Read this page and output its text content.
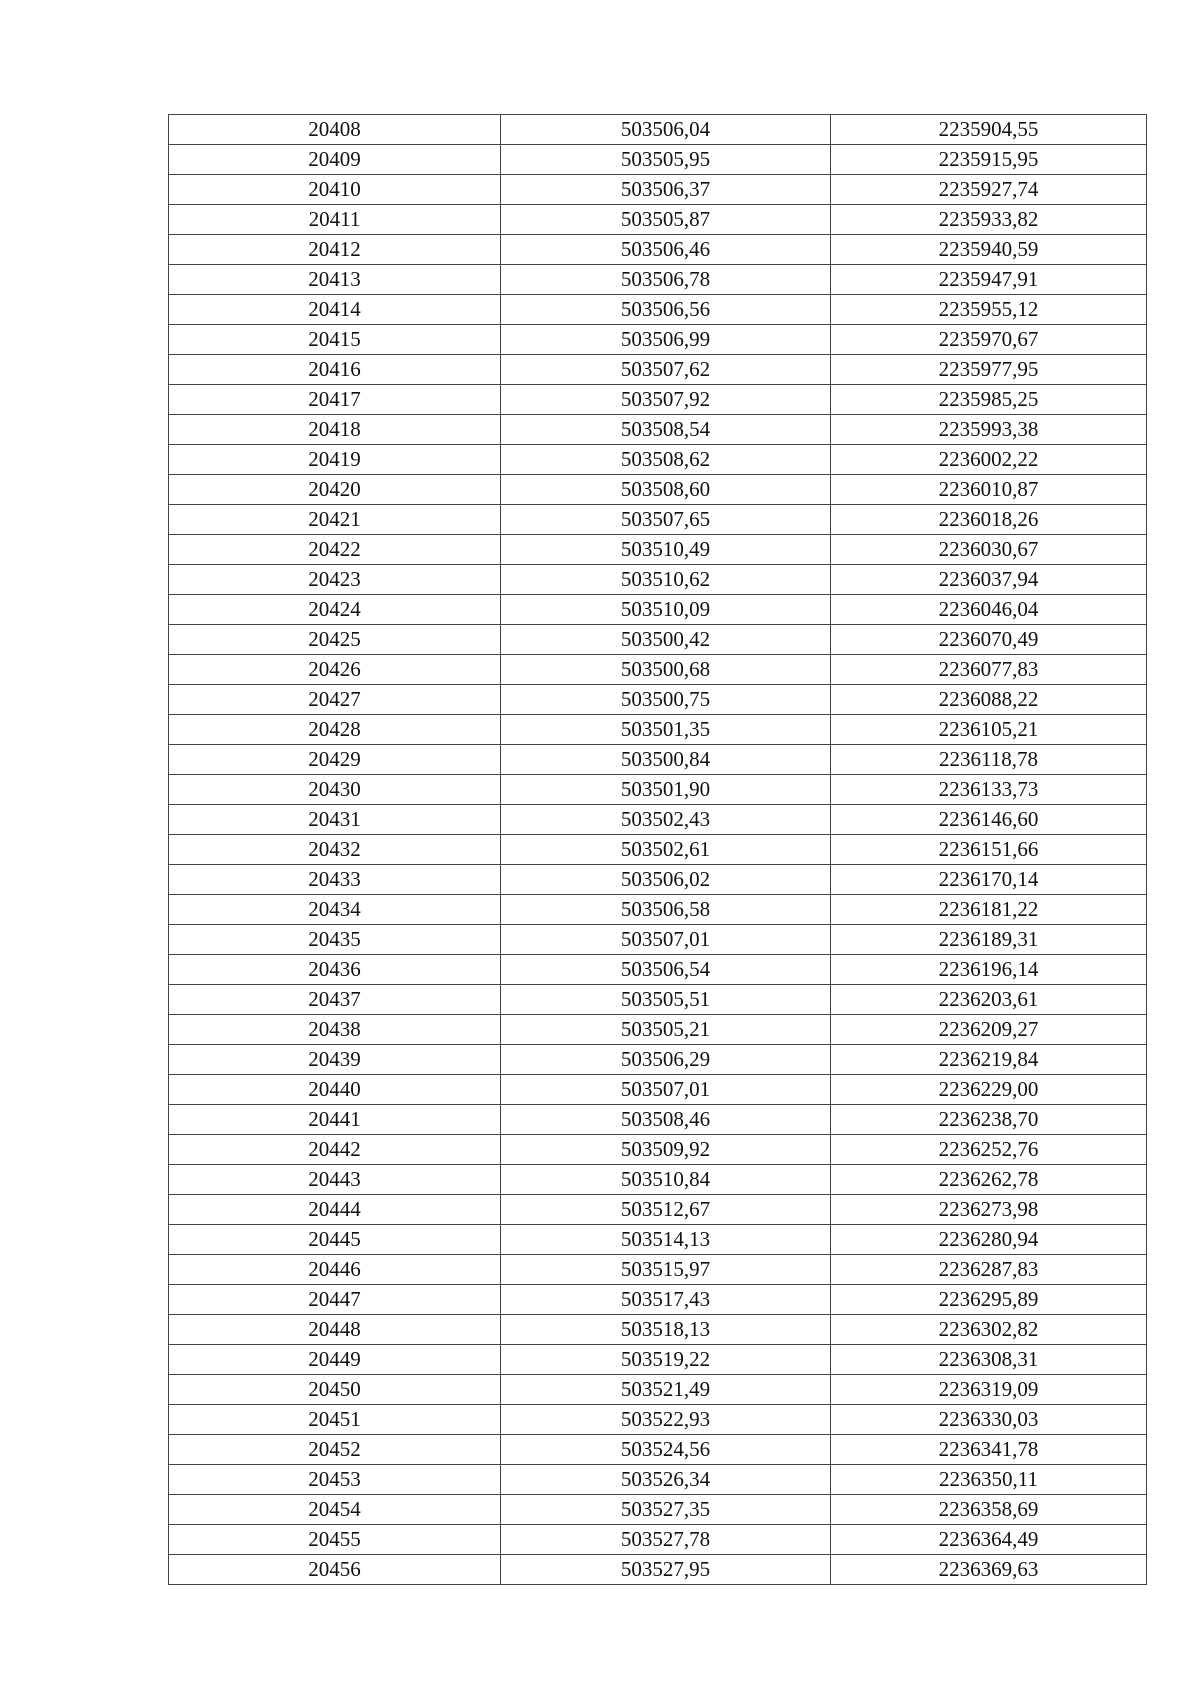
20408	503506,04	2235904,55
20409	503505,95	2235915,95
20410	503506,37	2235927,74
20411	503505,87	2235933,82
20412	503506,46	2235940,59
20413	503506,78	2235947,91
20414	503506,56	2235955,12
20415	503506,99	2235970,67
20416	503507,62	2235977,95
20417	503507,92	2235985,25
20418	503508,54	2235993,38
20419	503508,62	2236002,22
20420	503508,60	2236010,87
20421	503507,65	2236018,26
20422	503510,49	2236030,67
20423	503510,62	2236037,94
20424	503510,09	2236046,04
20425	503500,42	2236070,49
20426	503500,68	2236077,83
20427	503500,75	2236088,22
20428	503501,35	2236105,21
20429	503500,84	2236118,78
20430	503501,90	2236133,73
20431	503502,43	2236146,60
20432	503502,61	2236151,66
20433	503506,02	2236170,14
20434	503506,58	2236181,22
20435	503507,01	2236189,31
20436	503506,54	2236196,14
20437	503505,51	2236203,61
20438	503505,21	2236209,27
20439	503506,29	2236219,84
20440	503507,01	2236229,00
20441	503508,46	2236238,70
20442	503509,92	2236252,76
20443	503510,84	2236262,78
20444	503512,67	2236273,98
20445	503514,13	2236280,94
20446	503515,97	2236287,83
20447	503517,43	2236295,89
20448	503518,13	2236302,82
20449	503519,22	2236308,31
20450	503521,49	2236319,09
20451	503522,93	2236330,03
20452	503524,56	2236341,78
20453	503526,34	2236350,11
20454	503527,35	2236358,69
20455	503527,78	2236364,49
20456	503527,95	2236369,63
